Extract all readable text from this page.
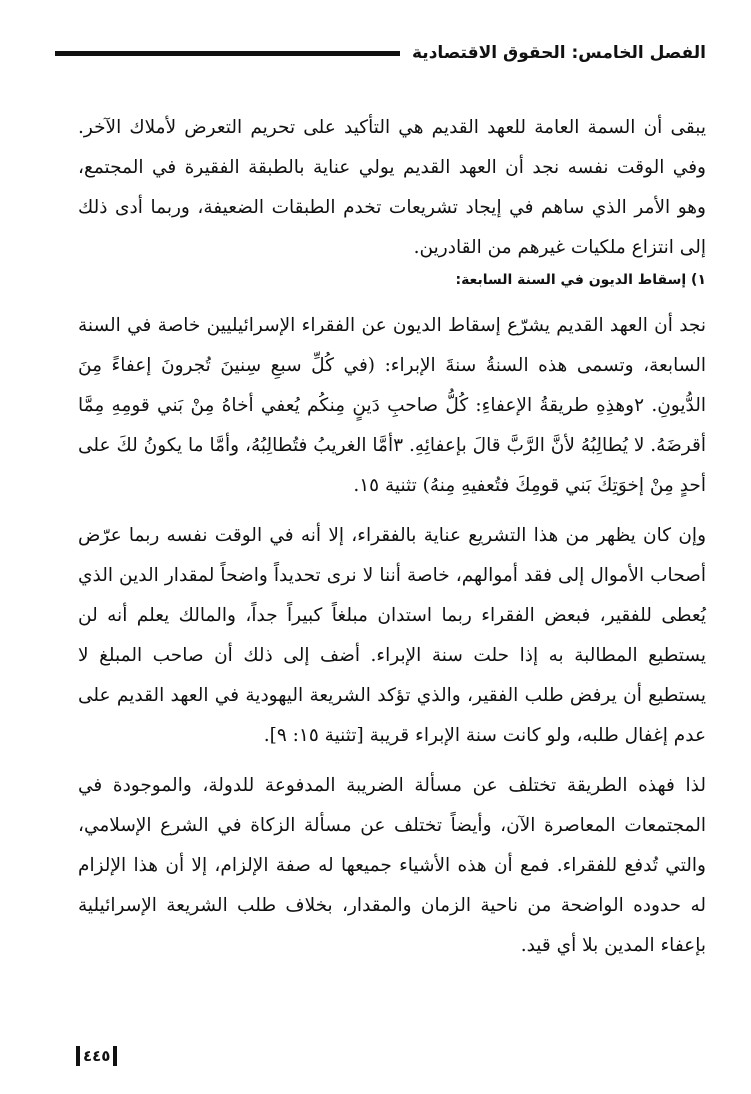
الفصل الخامس: الحقوق الاقتصادية

يبقى أن السمة العامة للعهد القديم هي التأكيد على تحريم التعرض لأملاك الآخر. وفي الوقت نفسه نجد أن العهد القديم يولي عناية بالطبقة الفقيرة في المجتمع، وهو الأمر الذي ساهم في إيجاد تشريعات تخدم الطبقات الضعيفة، وربما أدى ذلك إلى انتزاع ملكيات غيرهم من القادرين.

١) إسقاط الديون في السنة السابعة:

نجد أن العهد القديم يشرّع إسقاط الديون عن الفقراء الإسرائيليين خاصة في السنة السابعة، وتسمى هذه السنةُ سنةَ الإبراء: (في كُلِّ سبعِ سِنينَ تُجرونَ إعفاءً مِنَ الدُّيونِ. ٢وهذِهِ طريقةُ الإعفاءِ: كُلُّ صاحبِ دَينٍ مِنكُم يُعفي أخاهُ مِنْ بَني قومِهِ مِمَّا أقرضَهُ. لا يُطالِبُهُ لأنَّ الرَّبَّ قالَ بإعفائِهِ. ٣أمَّا الغريبُ فتُطالِبُهُ، وأمَّا ما يكونُ لكَ على أحدٍ مِنْ إخوَتِكَ بَني قومِكَ فتُعفيهِ مِنهُ) تثنية ١٥.

وإن كان يظهر من هذا التشريع عناية بالفقراء، إلا أنه في الوقت نفسه ربما عرّض أصحاب الأموال إلى فقد أموالهم، خاصة أننا لا نرى تحديداً واضحاً لمقدار الدين الذي يُعطى للفقير، فبعض الفقراء ربما استدان مبلغاً كبيراً جداً، والمالك يعلم أنه لن يستطيع المطالبة به إذا حلت سنة الإبراء. أضف إلى ذلك أن صاحب المبلغ لا يستطيع أن يرفض طلب الفقير، والذي تؤكد الشريعة اليهودية في العهد القديم على عدم إغفال طلبه، ولو كانت سنة الإبراء قريبة [تثنية ١٥: ٩].

لذا فهذه الطريقة تختلف عن مسألة الضريبة المدفوعة للدولة، والموجودة في المجتمعات المعاصرة الآن، وأيضاً تختلف عن مسألة الزكاة في الشرع الإسلامي، والتي تُدفع للفقراء. فمع أن هذه الأشياء جميعها له صفة الإلزام، إلا أن هذا الإلزام له حدوده الواضحة من ناحية الزمان والمقدار، بخلاف طلب الشريعة الإسرائيلية بإعفاء المدين بلا أي قيد.

٤٤٥
